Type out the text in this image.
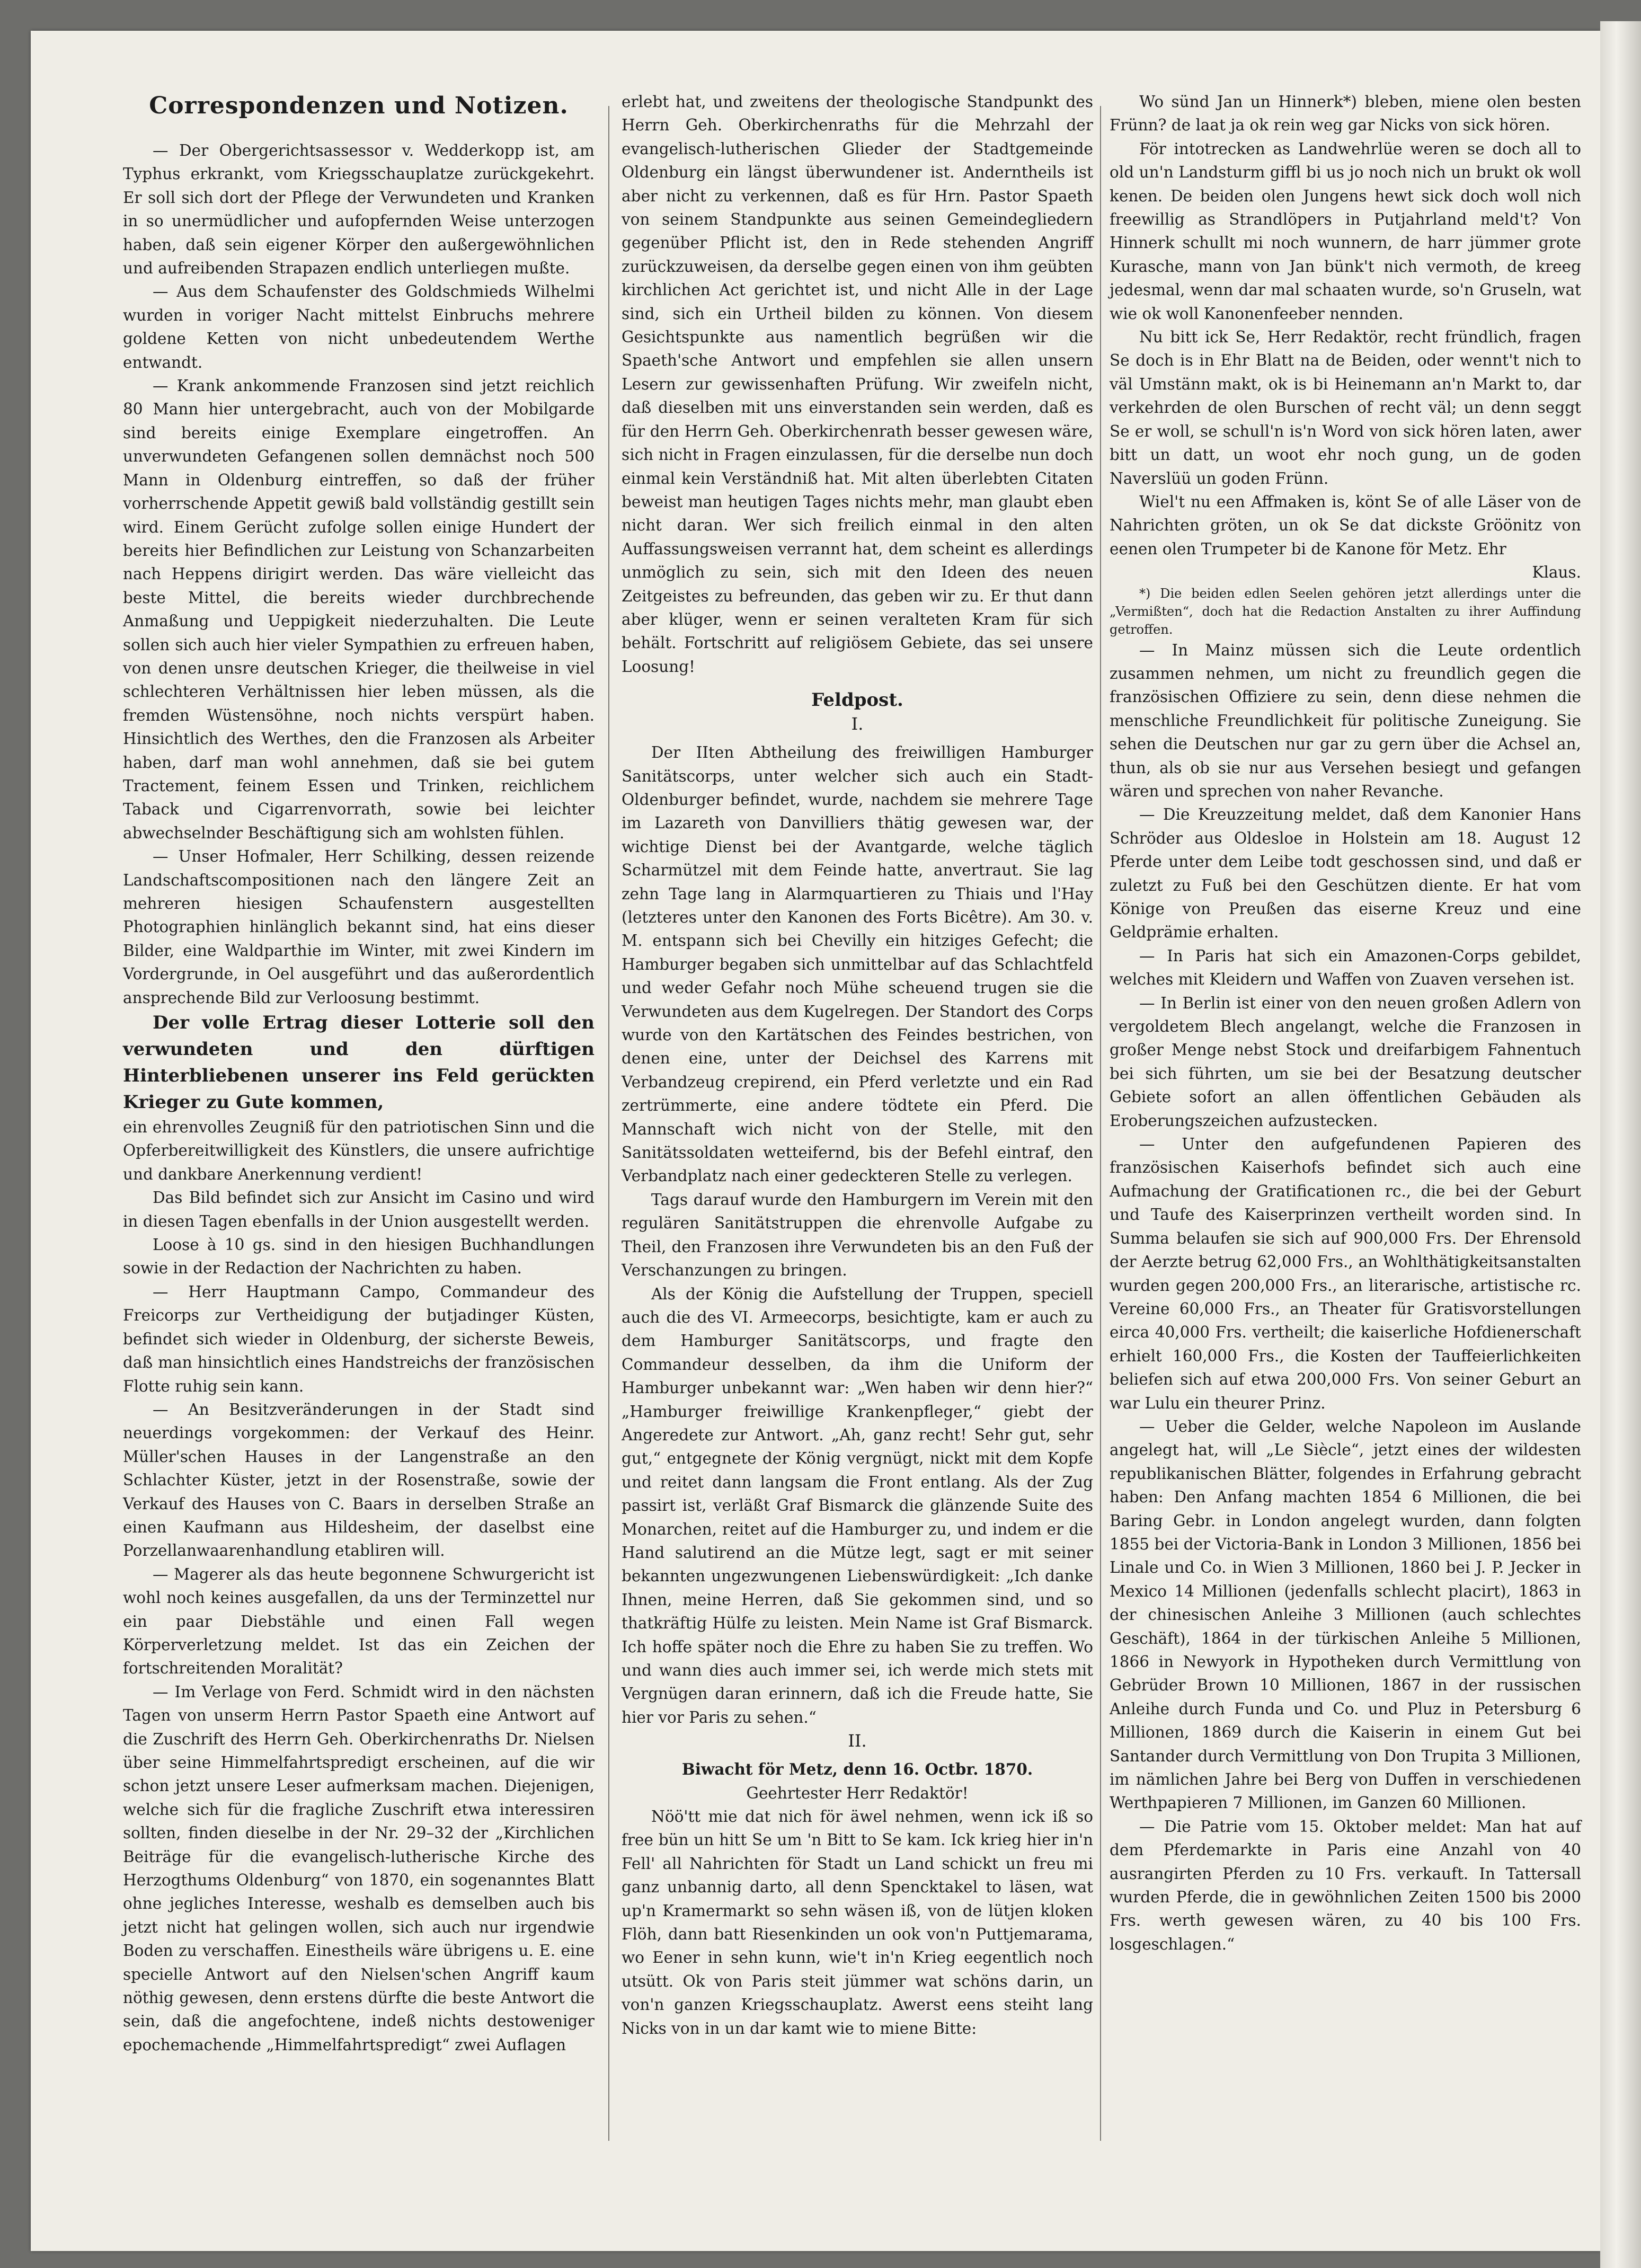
Correspondenzen und Notizen.

— Der Obergerichtsassessor v. Wedderkopp ist, am Typhus erkrankt, vom Kriegsschauplatze zurückgekehrt. Er soll sich dort der Pflege der Verwundeten und Kranken in so unermüdlicher und aufopfernden Weise unterzogen haben, daß sein eigener Körper den außergewöhnlichen und aufreibenden Strapazen endlich unterliegen mußte.

— Aus dem Schaufenster des Goldschmieds Wilhelmi wurden in voriger Nacht mittelst Einbruchs mehrere goldene Ketten von nicht unbedeutendem Werthe entwandt.

— Krank ankommende Franzosen sind jetzt reichlich 80 Mann hier untergebracht, auch von der Mobilgarde sind bereits einige Exemplare eingetroffen. An unverwundeten Gefangenen sollen demnächst noch 500 Mann in Oldenburg eintreffen, so daß der früher vorherrschende Appetit gewiß bald vollständig gestillt sein wird. Einem Gerücht zufolge sollen einige Hundert der bereits hier Befindlichen zur Leistung von Schanzarbeiten nach Heppens dirigirt werden. Das wäre vielleicht das beste Mittel, die bereits wieder durchbrechende Anmaßung und Ueppigkeit niederzuhalten. Die Leute sollen sich auch hier vieler Sympathien zu erfreuen haben, von denen unsre deutschen Krieger, die theilweise in viel schlechteren Verhältnissen hier leben müssen, als die fremden Wüstensöhne, noch nichts verspürt haben. Hinsichtlich des Werthes, den die Franzosen als Arbeiter haben, darf man wohl annehmen, daß sie bei gutem Tractement, feinem Essen und Trinken, reichlichem Taback und Cigarrenvorrath, sowie bei leichter abwechselnder Beschäftigung sich am wohlsten fühlen.

— Unser Hofmaler, Herr Schilking, dessen reizende Landschaftscompositionen nach den längere Zeit an mehreren hiesigen Schaufenstern ausgestellten Photographien hinlänglich bekannt sind, hat eins dieser Bilder, eine Waldparthie im Winter, mit zwei Kindern im Vordergrunde, in Oel ausgeführt und das außerordentlich ansprechende Bild zur Verloosung bestimmt.

Der volle Ertrag dieser Lotterie soll den verwundeten und den dürftigen Hinterbliebenen unserer ins Feld gerückten Krieger zu Gute kommen,

ein ehrenvolles Zeugniß für den patriotischen Sinn und die Opferbereitwilligkeit des Künstlers, die unsere aufrichtige und dankbare Anerkennung verdient!

Das Bild befindet sich zur Ansicht im Casino und wird in diesen Tagen ebenfalls in der Union ausgestellt werden.

Loose à 10 gs. sind in den hiesigen Buchhandlungen sowie in der Redaction der Nachrichten zu haben.

— Herr Hauptmann Campo, Commandeur des Freicorps zur Vertheidigung der butjadinger Küsten, befindet sich wieder in Oldenburg, der sicherste Beweis, daß man hinsichtlich eines Handstreichs der französischen Flotte ruhig sein kann.

— An Besitzveränderungen in der Stadt sind neuerdings vorgekommen: der Verkauf des Heinr. Müller'schen Hauses in der Langenstraße an den Schlachter Küster, jetzt in der Rosenstraße, sowie der Verkauf des Hauses von C. Baars in derselben Straße an einen Kaufmann aus Hildesheim, der daselbst eine Porzellanwaarenhandlung etabliren will.

— Magerer als das heute begonnene Schwurgericht ist wohl noch keines ausgefallen, da uns der Terminzettel nur ein paar Diebstähle und einen Fall wegen Körperverletzung meldet. Ist das ein Zeichen der fortschreitenden Moralität?

— Im Verlage von Ferd. Schmidt wird in den nächsten Tagen von unserm Herrn Pastor Spaeth eine Antwort auf die Zuschrift des Herrn Geh. Oberkirchenraths Dr. Nielsen über seine Himmelfahrtspredigt erscheinen, auf die wir schon jetzt unsere Leser aufmerksam machen. Diejenigen, welche sich für die fragliche Zuschrift etwa interessiren sollten, finden dieselbe in der Nr. 29–32 der „Kirchlichen Beiträge für die evangelisch-lutherische Kirche des Herzogthums Oldenburg“ von 1870, ein sogenanntes Blatt ohne jegliches Interesse, weshalb es demselben auch bis jetzt nicht hat gelingen wollen, sich auch nur irgendwie Boden zu verschaffen. Einestheils wäre übrigens u. E. eine specielle Antwort auf den Nielsen'schen Angriff kaum nöthig gewesen, denn erstens dürfte die beste Antwort die sein, daß die angefochtene, indeß nichts destoweniger epochemachende „Himmelfahrtspredigt“ zwei Auflagen

erlebt hat, und zweitens der theologische Standpunkt des Herrn Geh. Oberkirchenraths für die Mehrzahl der evangelisch-lutherischen Glieder der Stadtgemeinde Oldenburg ein längst überwundener ist. Anderntheils ist aber nicht zu verkennen, daß es für Hrn. Pastor Spaeth von seinem Standpunkte aus seinen Gemeindegliedern gegenüber Pflicht ist, den in Rede stehenden Angriff zurückzuweisen, da derselbe gegen einen von ihm geübten kirchlichen Act gerichtet ist, und nicht Alle in der Lage sind, sich ein Urtheil bilden zu können. Von diesem Gesichtspunkte aus namentlich begrüßen wir die Spaeth'sche Antwort und empfehlen sie allen unsern Lesern zur gewissenhaften Prüfung. Wir zweifeln nicht, daß dieselben mit uns einverstanden sein werden, daß es für den Herrn Geh. Oberkirchenrath besser gewesen wäre, sich nicht in Fragen einzulassen, für die derselbe nun doch einmal kein Verständniß hat. Mit alten überlebten Citaten beweist man heutigen Tages nichts mehr, man glaubt eben nicht daran. Wer sich freilich einmal in den alten Auffassungsweisen verrannt hat, dem scheint es allerdings unmöglich zu sein, sich mit den Ideen des neuen Zeitgeistes zu befreunden, das geben wir zu. Er thut dann aber klüger, wenn er seinen veralteten Kram für sich behält. Fortschritt auf religiösem Gebiete, das sei unsere Loosung!

Feldpost.
I.

Der IIten Abtheilung des freiwilligen Hamburger Sanitätscorps, unter welcher sich auch ein Stadt-Oldenburger befindet, wurde, nachdem sie mehrere Tage im Lazareth von Danvilliers thätig gewesen war, der wichtige Dienst bei der Avantgarde, welche täglich Scharmützel mit dem Feinde hatte, anvertraut. Sie lag zehn Tage lang in Alarmquartieren zu Thiais und l'Hay (letzteres unter den Kanonen des Forts Bicêtre). Am 30. v. M. entspann sich bei Chevilly ein hitziges Gefecht; die Hamburger begaben sich unmittelbar auf das Schlachtfeld und weder Gefahr noch Mühe scheuend trugen sie die Verwundeten aus dem Kugelregen. Der Standort des Corps wurde von den Kartätschen des Feindes bestrichen, von denen eine, unter der Deichsel des Karrens mit Verbandzeug crepirend, ein Pferd verletzte und ein Rad zertrümmerte, eine andere tödtete ein Pferd. Die Mannschaft wich nicht von der Stelle, mit den Sanitätssoldaten wetteifernd, bis der Befehl eintraf, den Verbandplatz nach einer gedeckteren Stelle zu verlegen.

Tags darauf wurde den Hamburgern im Verein mit den regulären Sanitätstruppen die ehrenvolle Aufgabe zu Theil, den Franzosen ihre Verwundeten bis an den Fuß der Verschanzungen zu bringen.

Als der König die Aufstellung der Truppen, speciell auch die des VI. Armeecorps, besichtigte, kam er auch zu dem Hamburger Sanitätscorps, und fragte den Commandeur desselben, da ihm die Uniform der Hamburger unbekannt war: „Wen haben wir denn hier?“ „Hamburger freiwillige Krankenpfleger,“ giebt der Angeredete zur Antwort. „Ah, ganz recht! Sehr gut, sehr gut,“ entgegnete der König vergnügt, nickt mit dem Kopfe und reitet dann langsam die Front entlang. Als der Zug passirt ist, verläßt Graf Bismarck die glänzende Suite des Monarchen, reitet auf die Hamburger zu, und indem er die Hand salutirend an die Mütze legt, sagt er mit seiner bekannten ungezwungenen Liebenswürdigkeit: „Ich danke Ihnen, meine Herren, daß Sie gekommen sind, und so thatkräftig Hülfe zu leisten. Mein Name ist Graf Bismarck. Ich hoffe später noch die Ehre zu haben Sie zu treffen. Wo und wann dies auch immer sei, ich werde mich stets mit Vergnügen daran erinnern, daß ich die Freude hatte, Sie hier vor Paris zu sehen.“

II.

Biwacht för Metz, denn 16. Octbr. 1870.

Geehrtester Herr Redaktör!

Nöö'tt mie dat nich för äwel nehmen, wenn ick iß so free bün un hitt Se um 'n Bitt to Se kam. Ick krieg hier in'n Fell' all Nahrichten för Stadt un Land schickt un freu mi ganz unbannig darto, all denn Spencktakel to läsen, wat up'n Kramermarkt so sehn wäsen iß, von de lütjen kloken Flöh, dann batt Riesenkinden un ook von'n Puttjemarama, wo Eener in sehn kunn, wie't in'n Krieg eegentlich noch utsütt. Ok von Paris steit jümmer wat schöns darin, un von'n ganzen Kriegsschauplatz. Awerst eens steiht lang Nicks von in un dar kamt wie to miene Bitte:

Wo sünd Jan un Hinnerk*) bleben, miene olen besten Frünn? de laat ja ok rein weg gar Nicks von sick hören.

För intotrecken as Landwehrlüe weren se doch all to old un'n Landsturm giffl bi us jo noch nich un brukt ok woll kenen. De beiden olen Jungens hewt sick doch woll nich freewillig as Strandlöpers in Putjahrland meld't? Von Hinnerk schullt mi noch wunnern, de harr jümmer grote Kurasche, mann von Jan bünk't nich vermoth, de kreeg jedesmal, wenn dar mal schaaten wurde, so'n Gruseln, wat wie ok woll Kanonenfeeber nennden.

Nu bitt ick Se, Herr Redaktör, recht fründlich, fragen Se doch is in Ehr Blatt na de Beiden, oder wennt't nich to väl Umstänn makt, ok is bi Heinemann an'n Markt to, dar verkehrden de olen Burschen of recht väl; un denn seggt Se er woll, se schull'n is'n Word von sick hören laten, awer bitt un datt, un woot ehr noch gung, un de goden Naverslüü un goden Frünn.

Wiel't nu een Affmaken is, könt Se of alle Läser von de Nahrichten gröten, un ok Se dat dickste Gröönitz von eenen olen Trumpeter bi de Kanone för Metz. Ehr

Klaus.

*) Die beiden edlen Seelen gehören jetzt allerdings unter die „Vermißten“, doch hat die Redaction Anstalten zu ihrer Auffindung getroffen.

— In Mainz müssen sich die Leute ordentlich zusammen nehmen, um nicht zu freundlich gegen die französischen Offiziere zu sein, denn diese nehmen die menschliche Freundlichkeit für politische Zuneigung. Sie sehen die Deutschen nur gar zu gern über die Achsel an, thun, als ob sie nur aus Versehen besiegt und gefangen wären und sprechen von naher Revanche.

— Die Kreuzzeitung meldet, daß dem Kanonier Hans Schröder aus Oldesloe in Holstein am 18. August 12 Pferde unter dem Leibe todt geschossen sind, und daß er zuletzt zu Fuß bei den Geschützen diente. Er hat vom Könige von Preußen das eiserne Kreuz und eine Geldprämie erhalten.

— In Paris hat sich ein Amazonen-Corps gebildet, welches mit Kleidern und Waffen von Zuaven versehen ist.

— In Berlin ist einer von den neuen großen Adlern von vergoldetem Blech angelangt, welche die Franzosen in großer Menge nebst Stock und dreifarbigem Fahnentuch bei sich führten, um sie bei der Besatzung deutscher Gebiete sofort an allen öffentlichen Gebäuden als Eroberungszeichen aufzustecken.

— Unter den aufgefundenen Papieren des französischen Kaiserhofs befindet sich auch eine Aufmachung der Gratificationen rc., die bei der Geburt und Taufe des Kaiserprinzen vertheilt worden sind. In Summa belaufen sie sich auf 900,000 Frs. Der Ehrensold der Aerzte betrug 62,000 Frs., an Wohlthätigkeitsanstalten wurden gegen 200,000 Frs., an literarische, artistische rc. Vereine 60,000 Frs., an Theater für Gratisvorstellungen eirca 40,000 Frs. vertheilt; die kaiserliche Hofdienerschaft erhielt 160,000 Frs., die Kosten der Tauffeierlichkeiten beliefen sich auf etwa 200,000 Frs. Von seiner Geburt an war Lulu ein theurer Prinz.

— Ueber die Gelder, welche Napoleon im Auslande angelegt hat, will „Le Siècle“, jetzt eines der wildesten republikanischen Blätter, folgendes in Erfahrung gebracht haben: Den Anfang machten 1854 6 Millionen, die bei Baring Gebr. in London angelegt wurden, dann folgten 1855 bei der Victoria-Bank in London 3 Millionen, 1856 bei Linale und Co. in Wien 3 Millionen, 1860 bei J. P. Jecker in Mexico 14 Millionen (jedenfalls schlecht placirt), 1863 in der chinesischen Anleihe 3 Millionen (auch schlechtes Geschäft), 1864 in der türkischen Anleihe 5 Millionen, 1866 in Newyork in Hypotheken durch Vermittlung von Gebrüder Brown 10 Millionen, 1867 in der russischen Anleihe durch Funda und Co. und Pluz in Petersburg 6 Millionen, 1869 durch die Kaiserin in einem Gut bei Santander durch Vermittlung von Don Trupita 3 Millionen, im nämlichen Jahre bei Berg von Duffen in verschiedenen Werthpapieren 7 Millionen, im Ganzen 60 Millionen.

— Die Patrie vom 15. Oktober meldet: Man hat auf dem Pferdemarkte in Paris eine Anzahl von 40 ausrangirten Pferden zu 10 Frs. verkauft. In Tattersall wurden Pferde, die in gewöhnlichen Zeiten 1500 bis 2000 Frs. werth gewesen wären, zu 40 bis 100 Frs. losgeschlagen.“
